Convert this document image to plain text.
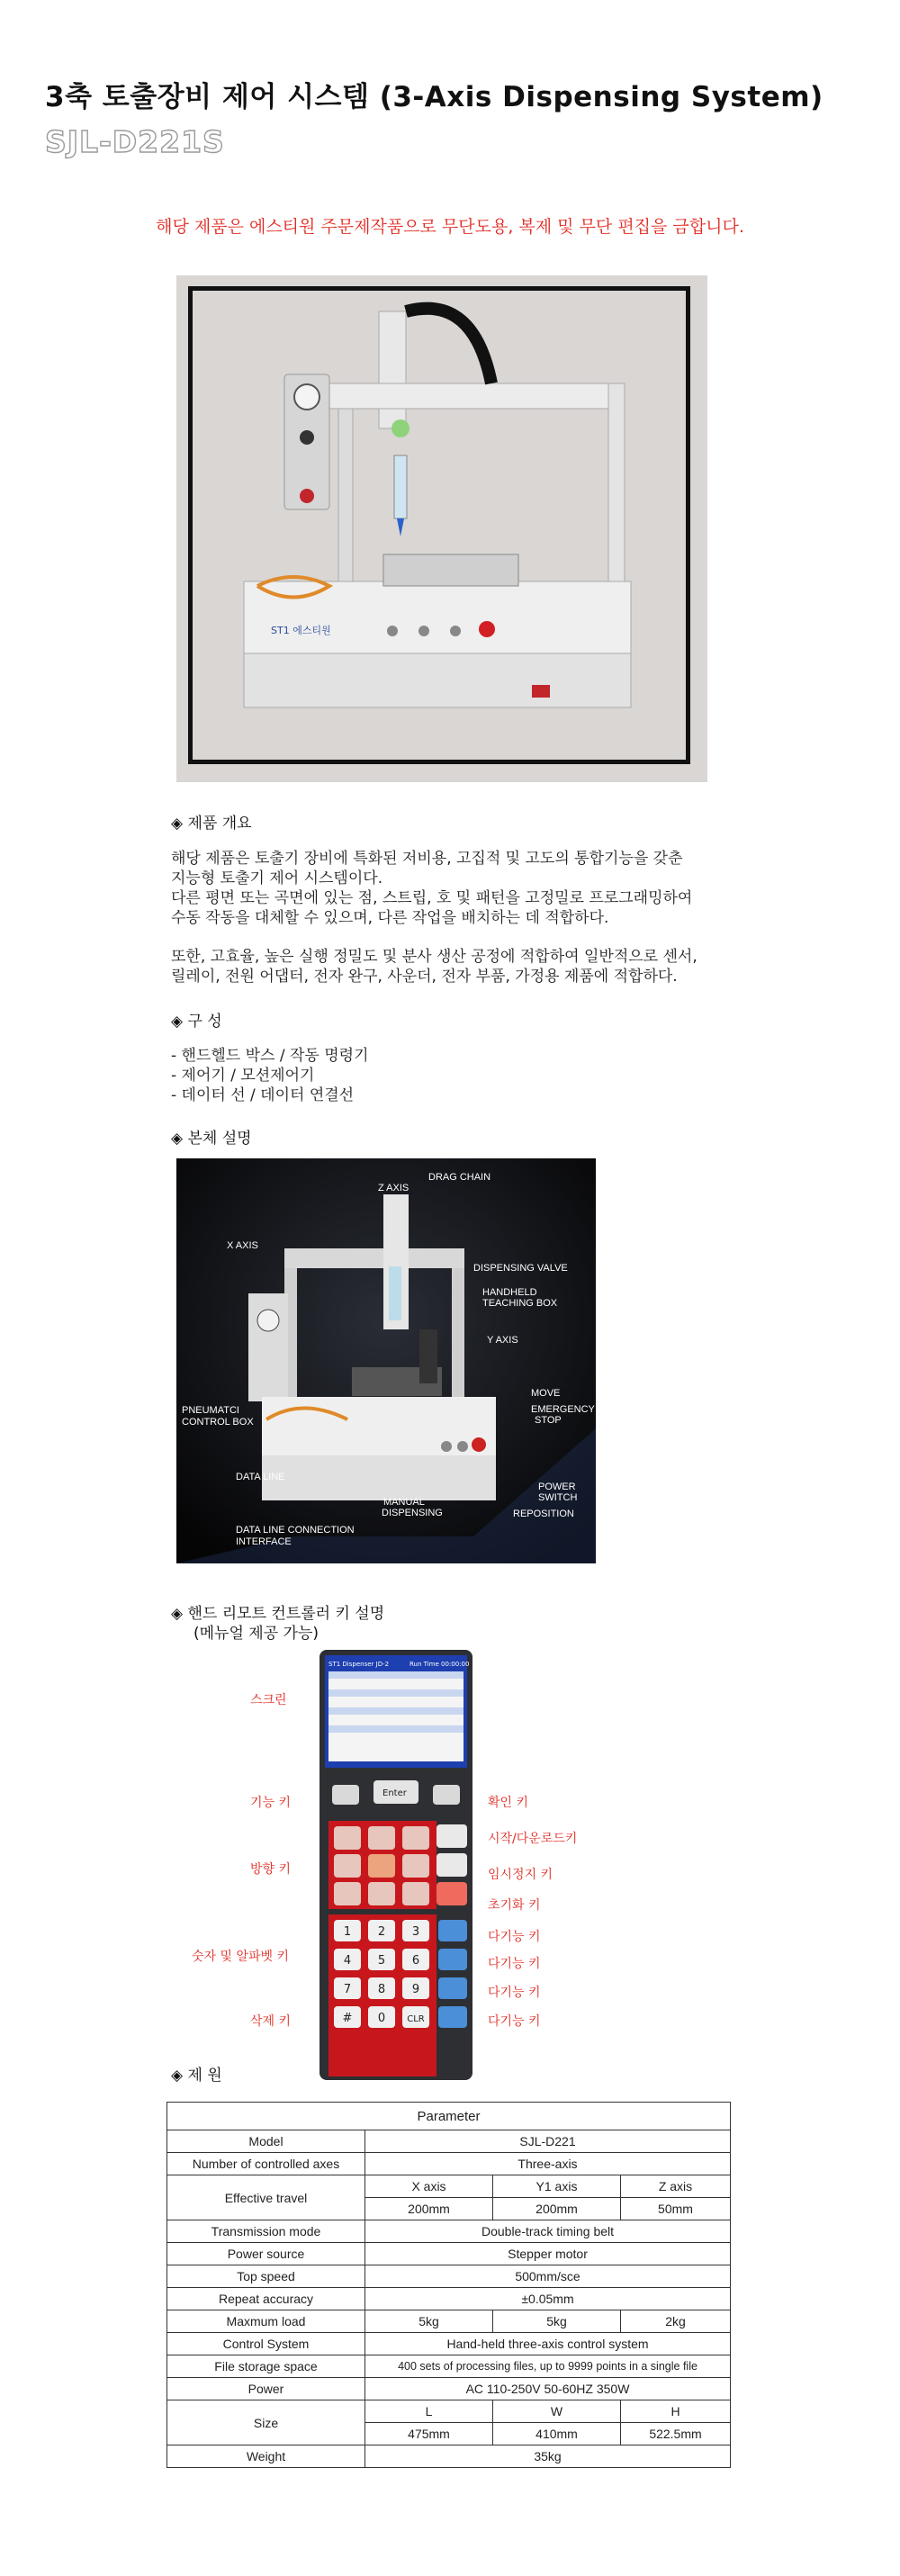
3축 토출장비 제어 시스템 (3-Axis Dispensing System)
SJL-D221S
해당 제품은 에스티원 주문제작품으로 무단도용, 복제 및 무단 편집을 금합니다.
ST1 에스티원
◈ 제품 개요
해당 제품은 토출기 장비에 특화된 저비용, 고집적 및 고도의 통합기능을 갖춘
지능형 토출기 제어 시스템이다.
다른 평면 또는 곡면에 있는 점, 스트립, 호 및 패턴을 고정밀로 프로그래밍하여
수동 작동을 대체할 수 있으며, 다른 작업을 배치하는 데 적합하다.
또한, 고효율, 높은 실행 정밀도 및 분사 생산 공정에 적합하여 일반적으로 센서,
릴레이, 전원 어댑터, 전자 완구, 사운더, 전자 부품, 가정용 제품에 적합하다.
◈ 구 성
- 핸드헬드 박스 / 작동 명령기
- 제어기 / 모션제어기
- 데이터 선 / 데이터 연결선
◈ 본체 설명
DRAG CHAIN
Z AXIS
X AXIS
DISPENSING VALVE
HANDHELD
TEACHING BOX
Y AXIS
MOVE
EMERGENCY
STOP
PNEUMATCI
CONTROL BOX
DATA LINE
POWER
SWITCH
MANUAL
DISPENSING	REPOSITION
DATA LINE CONNECTION
INTERFACE
◈ 핸드 리모트 컨트롤러 키 설명
(메뉴얼 제공 가능)
ST1 Dispenser JD-2	Run Time 00:00:00
Enter
1 2 3
4 5 6
7 8 9
# 0 CLR
스크린
기능 키
방향 키
숫자 및 알파벳 키
삭제 키
확인 키
시작/다운로드키
임시정지 키
초기화 키
다기능 키
다기능 키
다기능 키
다기능 키
◈ 제 원
Parameter			
Model	SJL-D221		
Number of controlled axes	Three-axis		
Effective travel	X axis	Y1 axis	Z axis
	200mm	200mm	50mm
Transmission mode	Double-track timing belt		
Power source	Stepper motor		
Top speed	500mm/sce		
Repeat accuracy	±0.05mm		
Maxmum load	5kg	5kg	2kg
Control System	Hand-held three-axis control system		
File storage space	400 sets of processing files, up to 9999 points in a single file		
Power	AC 110-250V 50-60HZ 350W		
Size	L	W	H
	475mm	410mm	522.5mm
Weight	35kg		
